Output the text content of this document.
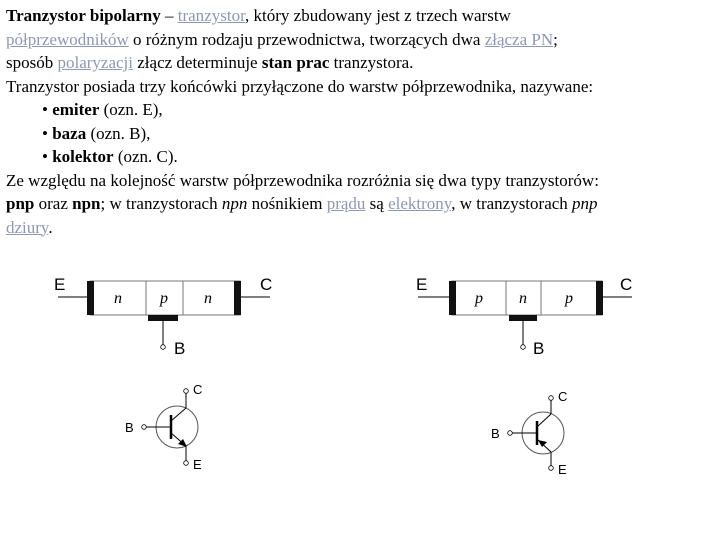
Tranzystor bipolarny – tranzystor, który zbudowany jest z trzech warstw

półprzewodników o różnym rodzaju przewodnictwa, tworzących dwa złącza PN;

sposób polaryzacji złącz determinuje stan prac tranzystora.

Tranzystor posiada trzy końcówki przyłączone do warstw półprzewodnika, nazywane:

• emiter (ozn. E),

• baza (ozn. B),

• kolektor (ozn. C).

Ze względu na kolejność warstw półprzewodnika rozróżnia się dwa typy tranzystorów:

pnp oraz npn; w tranzystorach npn nośnikiem prądu są elektrony, w tranzystorach pnp

dziury.

E	C
B
n p n
E	C
B
p n p
C
B
E
C
B
E
